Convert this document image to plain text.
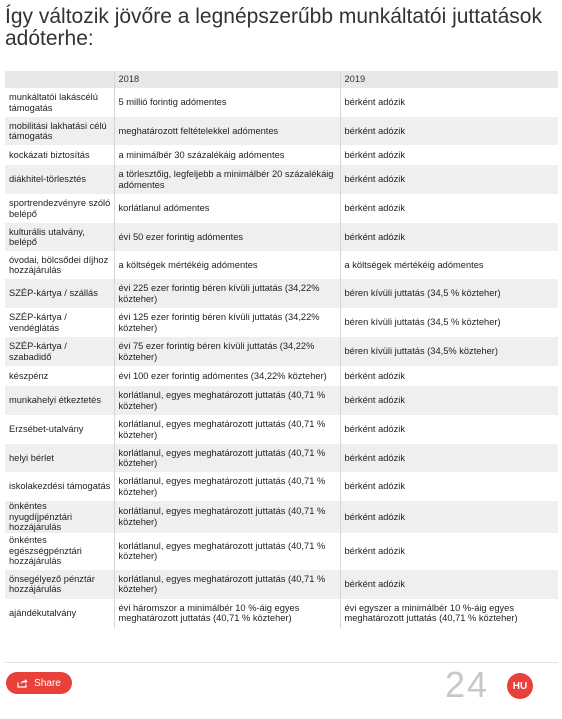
Így változik jövőre a legnépszerűbb munkáltatói juttatások adóterhe:
	2018	2019
munkáltatói lakáscélú támogatás	5 millió forintig adómentes	bérként adózik
mobilitási lakhatási célú támogatás	meghatározott feltételekkel adómentes	bérként adózik
kockázati biztosítás	a minimálbér 30 százalékáig adómentes	bérként adózik
diákhitel-törlesztés	a törlesztőig, legfeljebb a minimálbér 20 százalékáig adómentes	bérként adózik
sportrendezvényre szóló belépő	korlátlanul adómentes	bérként adózik
kulturális utalvány, belépő	évi 50 ezer forintig adómentes	bérként adózik
óvodai, bölcsődei díjhoz hozzájárulás	a költségek mértékéig adómentes	a költségek mértékéig adómentes
SZÉP-kártya / szállás	évi 225 ezer forintig béren kívüli juttatás (34,22% közteher)	béren kívüli juttatás (34,5 % közteher)
SZÉP-kártya / vendéglátás	évi 125 ezer forintig béren kívüli juttatás (34,22% közteher)	béren kívüli juttatás (34,5 % közteher)
SZÉP-kártya / szabadidő	évi 75 ezer forintig béren kívüli juttatás (34,22% közteher)	béren kívüli juttatás (34,5% közteher)
készpénz	évi 100 ezer forintig adómentes (34,22% közteher)	bérként adózik
munkahelyi étkeztetés	korlátlanul, egyes meghatározott juttatás (40,71 % közteher)	bérként adózik
Erzsébet-utalvány	korlátlanul, egyes meghatározott juttatás (40,71 % közteher)	bérként adózik
helyi bérlet	korlátlanul, egyes meghatározott juttatás (40,71 % közteher)	bérként adózik
iskolakezdési támogatás	korlátlanul, egyes meghatározott juttatás (40,71 % közteher)	bérként adózik
önkéntes nyugdíjpénztári hozzájárulás	korlátlanul, egyes meghatározott juttatás (40,71 % közteher)	bérként adózik
önkéntes egészségpénztári hozzájárulás	korlátlanul, egyes meghatározott juttatás (40,71 % közteher)	bérként adózik
önsegélyező pénztár hozzájárulás	korlátlanul, egyes meghatározott juttatás (40,71 % közteher)	bérként adózik
ajándékutalvány	évi háromszor a minimálbér 10 %-áig egyes meghatározott juttatás (40,71 % közteher)	évi egyszer a minimálbér 10 %-áig egyes meghatározott juttatás (40,71 % közteher)
Share	24	HU
